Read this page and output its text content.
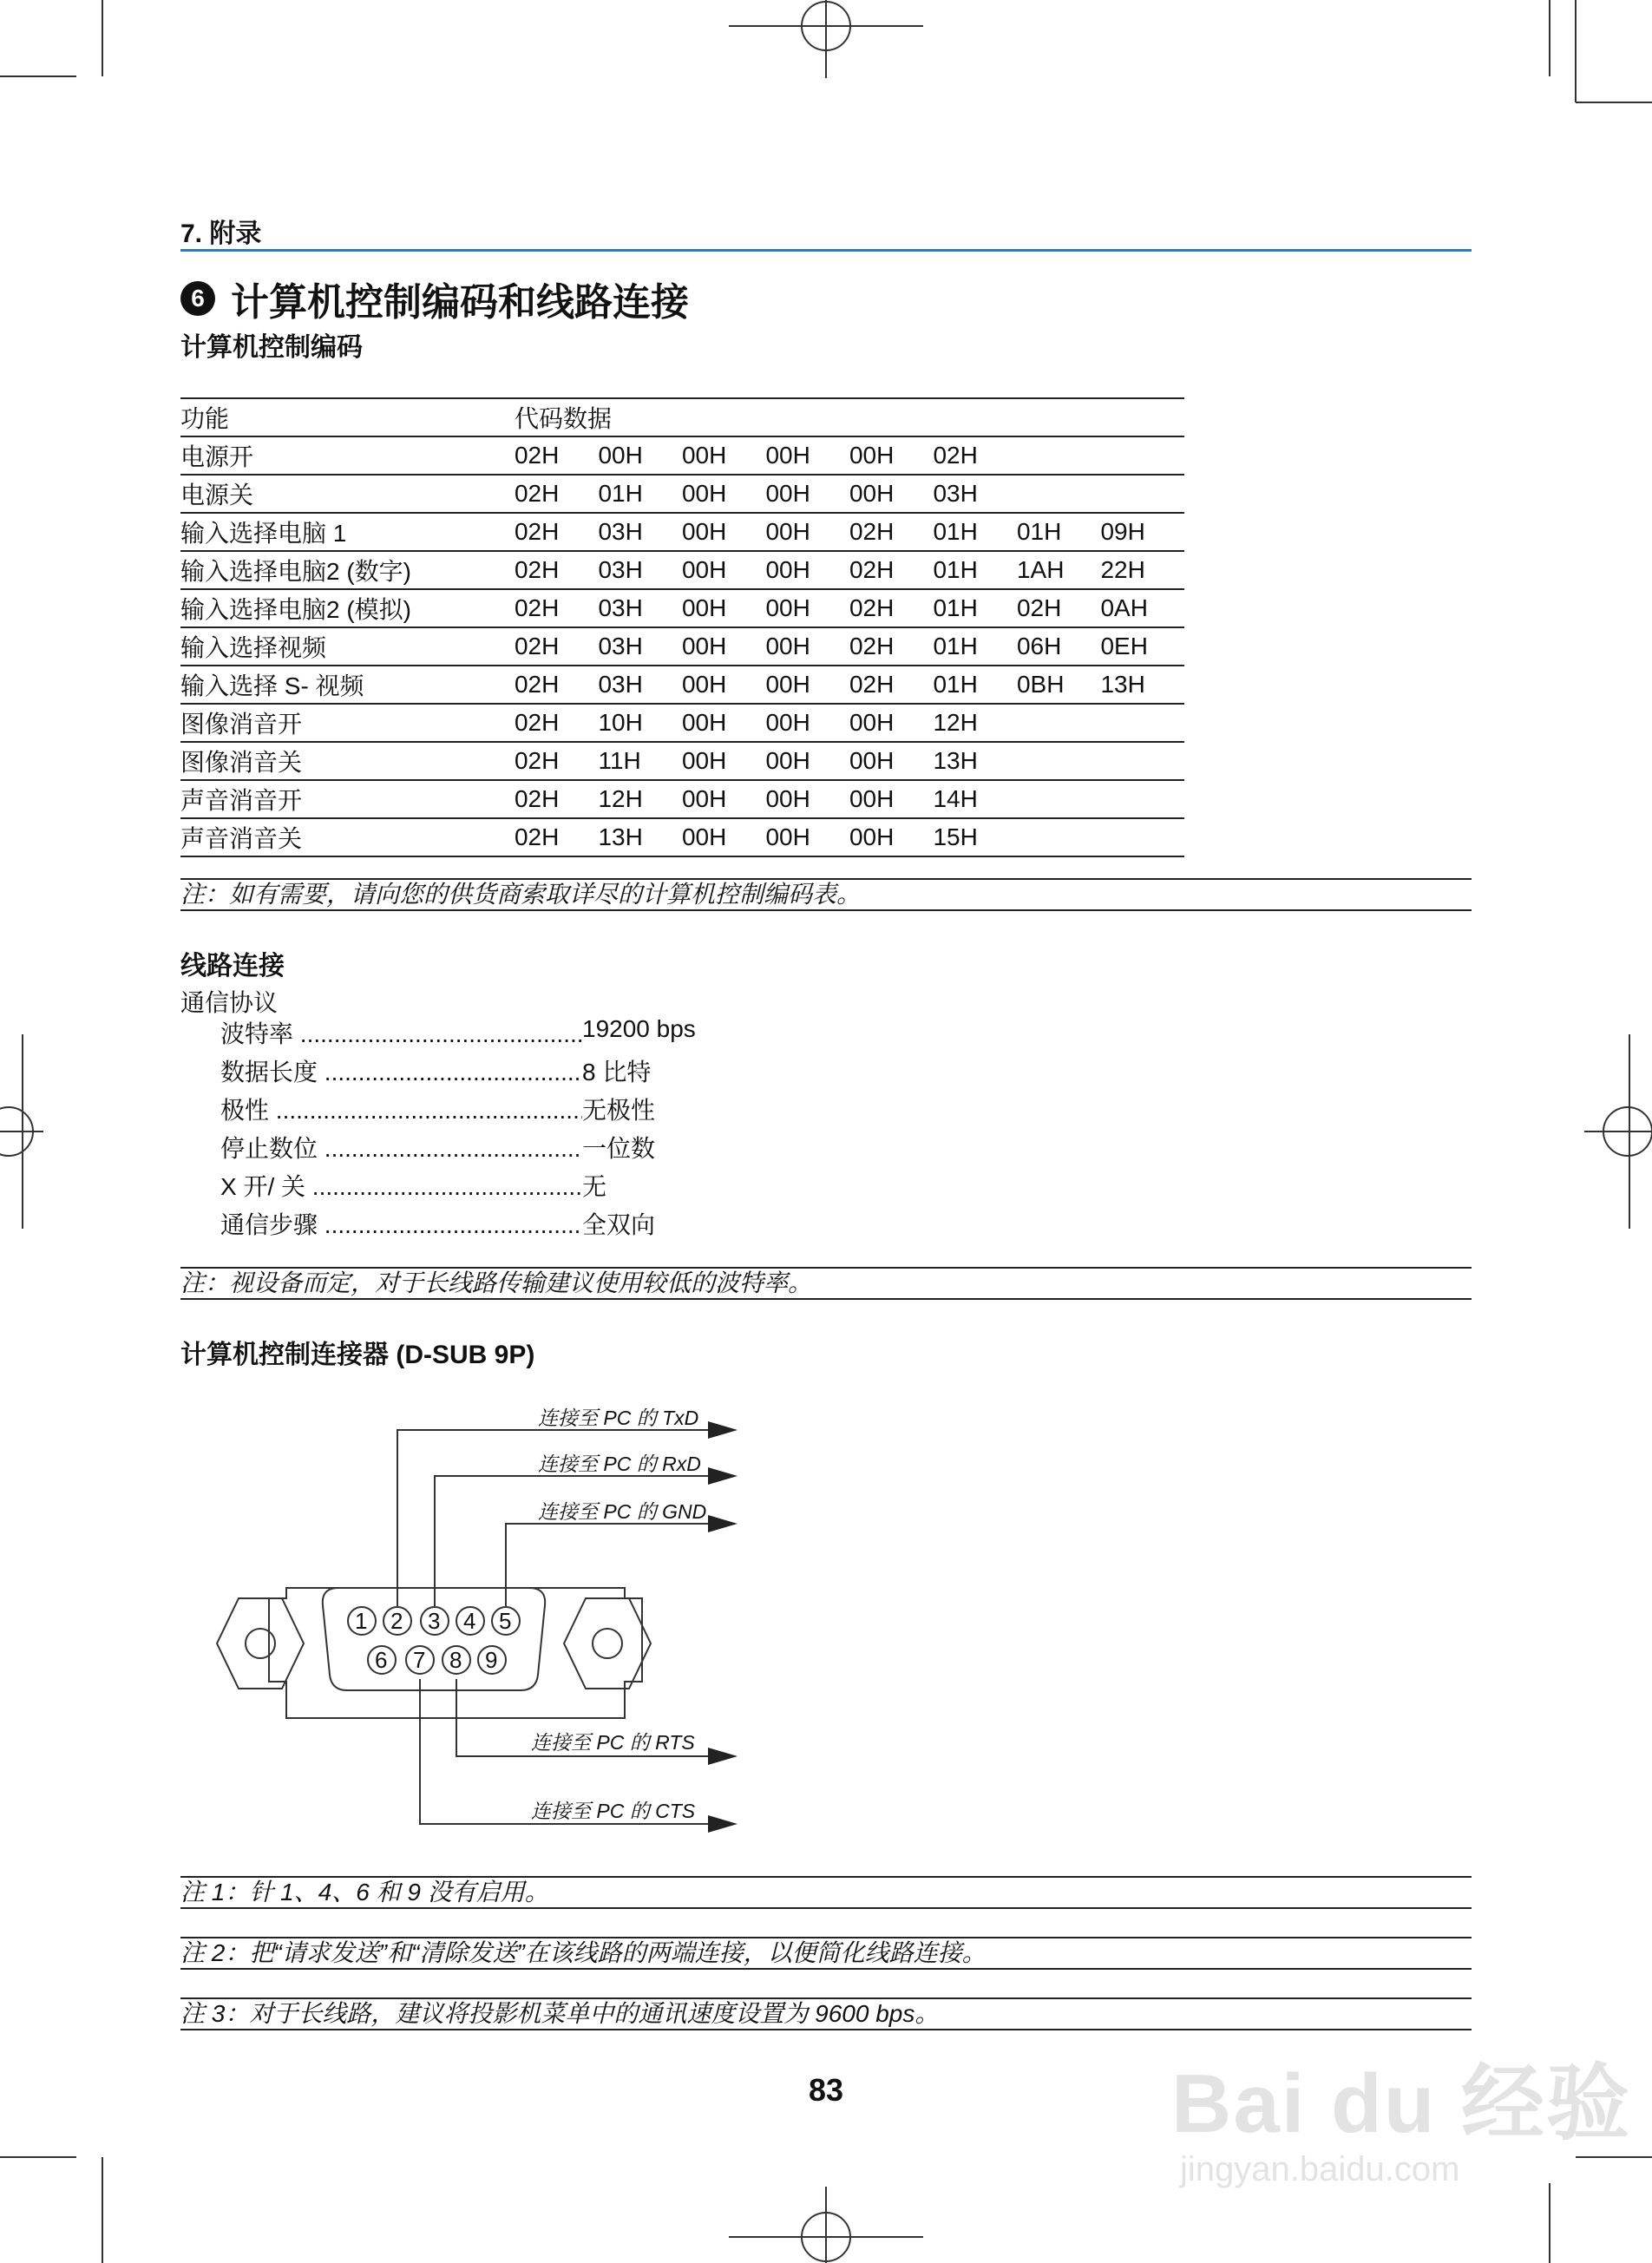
Bai du 经验
jingyan.baidu.com
7. 附录
6 计算机控制编码和线路连接
计算机控制编码
功能	代码数据							
电源开	02H	00H	00H	00H	00H	02H		
电源关	02H	01H	00H	00H	00H	03H		
输入选择电脑 1	02H	03H	00H	00H	02H	01H	01H	09H
输入选择电脑2 (数字)	02H	03H	00H	00H	02H	01H	1AH	22H
输入选择电脑2 (模拟)	02H	03H	00H	00H	02H	01H	02H	0AH
输入选择视频	02H	03H	00H	00H	02H	01H	06H	0EH
输入选择 S- 视频	02H	03H	00H	00H	02H	01H	0BH	13H
图像消音开	02H	10H	00H	00H	00H	12H		
图像消音关	02H	11H	00H	00H	00H	13H		
声音消音开	02H	12H	00H	00H	00H	14H		
声音消音关	02H	13H	00H	00H	00H	15H		
注：如有需要，请向您的供货商索取详尽的计算机控制编码表。
线路连接
通信协议
波特率 .....	19200 bps
数据长度 .....	8 比特
极性 .....	无极性
停止数位 .....	一位数
X 开/ 关 .....	无
通信步骤 .....	全双向
注：视设备而定，对于长线路传输建议使用较低的波特率。
计算机控制连接器 (D-SUB 9P)
1 2 3 4 5
6 7 8 9
连接至 PC 的 TxD
连接至 PC 的 RxD
连接至 PC 的 GND
连接至 PC 的 RTS
连接至 PC 的 CTS
注 1：针 1、4、6 和 9 没有启用。
注 2：把“请求发送”和“清除发送”在该线路的两端连接，以便简化线路连接。
注 3：对于长线路，建议将投影机菜单中的通讯速度设置为 9600 bps。
83
